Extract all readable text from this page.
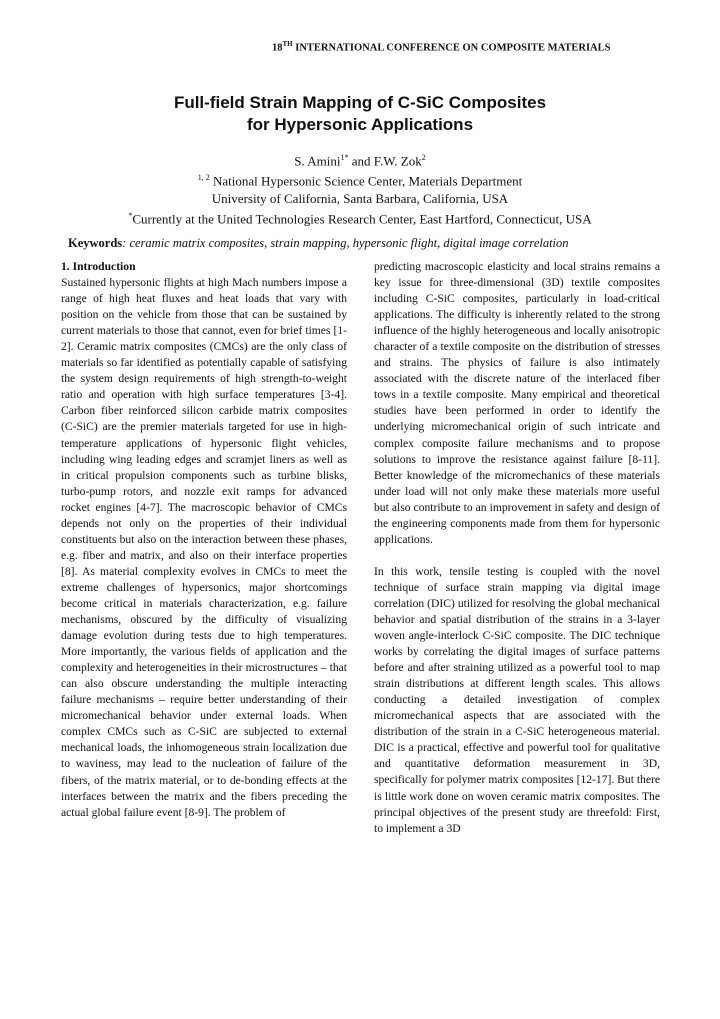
18TH INTERNATIONAL CONFERENCE ON COMPOSITE MATERIALS
Full-field Strain Mapping of C-SiC Composites
for Hypersonic Applications
S. Amini$^{1*}$ and F.W. Zok$^2$
$^{1, 2}$ National Hypersonic Science Center, Materials Department
University of California, Santa Barbara, California, USA
*Currently at the United Technologies Research Center, East Hartford, Connecticut, USA
Keywords: ceramic matrix composites, strain mapping, hypersonic flight, digital image correlation

1. Introduction

Sustained hypersonic flights at high Mach numbers impose a range of high heat fluxes and heat loads that vary with position on the vehicle from those that can be sustained by current materials to those that cannot, even for brief times [1-2]. Ceramic matrix composites (CMCs) are the only class of materials so far identified as potentially capable of satisfying the system design requirements of high strength-to-weight ratio and operation with high surface temperatures [3-4]. Carbon fiber reinforced silicon carbide matrix composites (C-SiC) are the premier materials targeted for use in high-temperature applications of hypersonic flight vehicles, including wing leading edges and scramjet liners as well as in critical propulsion components such as turbine blisks, turbo-pump rotors, and nozzle exit ramps for advanced rocket engines [4-7]. The macroscopic behavior of CMCs depends not only on the properties of their individual constituents but also on the interaction between these phases, e.g. fiber and matrix, and also on their interface properties [8]. As material complexity evolves in CMCs to meet the extreme challenges of hypersonics, major shortcomings become critical in materials characterization, e.g. failure mechanisms, obscured by the difficulty of visualizing damage evolution during tests due to high temperatures. More importantly, the various fields of application and the complexity and heterogeneities in their microstructures – that can also obscure understanding the multiple interacting failure mechanisms – require better understanding of their micromechanical behavior under external loads. When complex CMCs such as C-SiC are subjected to external mechanical loads, the inhomogeneous strain localization due to waviness, may lead to the nucleation of failure of the fibers, of the matrix material, or to de-bonding effects at the interfaces between the matrix and the fibers preceding the actual global failure event [8-9]. The problem of

predicting macroscopic elasticity and local strains remains a key issue for three-dimensional (3D) textile composites including C-SiC composites, particularly in load-critical applications. The difficulty is inherently related to the strong influence of the highly heterogeneous and locally anisotropic character of a textile composite on the distribution of stresses and strains. The physics of failure is also intimately associated with the discrete nature of the interlaced fiber tows in a textile composite. Many empirical and theoretical studies have been performed in order to identify the underlying micromechanical origin of such intricate and complex composite failure mechanisms and to propose solutions to improve the resistance against failure [8-11]. Better knowledge of the micromechanics of these materials under load will not only make these materials more useful but also contribute to an improvement in safety and design of the engineering components made from them for hypersonic applications.

In this work, tensile testing is coupled with the novel technique of surface strain mapping via digital image correlation (DIC) utilized for resolving the global mechanical behavior and spatial distribution of the strains in a 3-layer woven angle-interlock C-SiC composite. The DIC technique works by correlating the digital images of surface patterns before and after straining utilized as a powerful tool to map strain distributions at different length scales. This allows conducting a detailed investigation of complex micromechanical aspects that are associated with the distribution of the strain in a C-SiC heterogeneous material. DIC is a practical, effective and powerful tool for qualitative and quantitative deformation measurement in 3D, specifically for polymer matrix composites [12-17]. But there is little work done on woven ceramic matrix composites. The principal objectives of the present study are threefold: First, to implement a 3D
